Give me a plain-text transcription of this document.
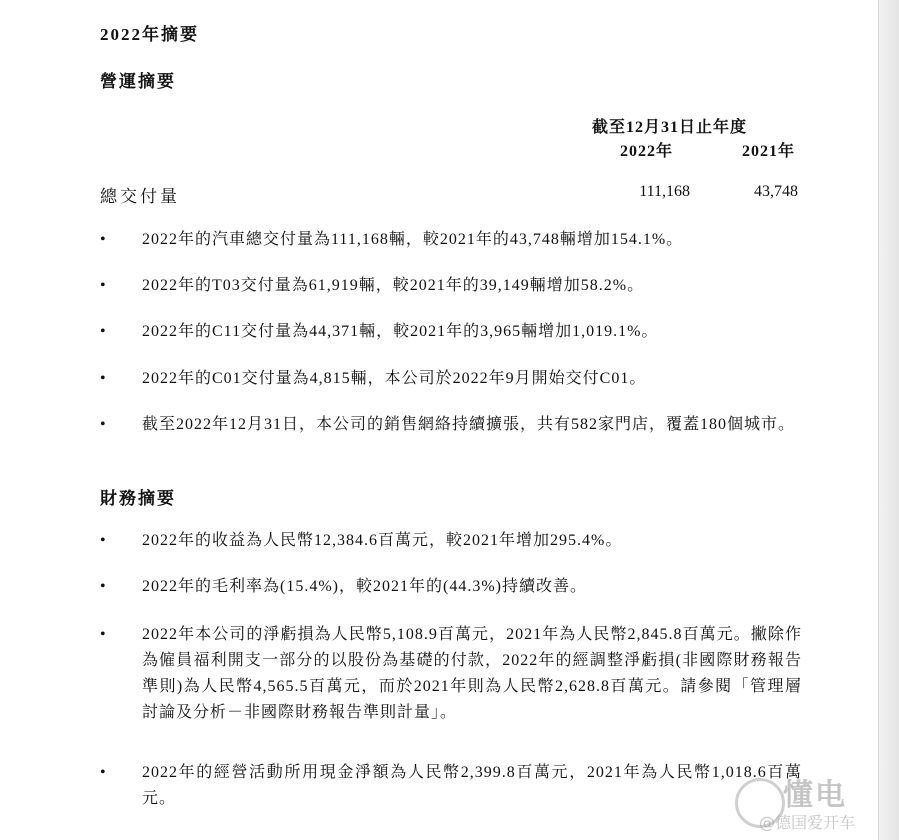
2022年摘要
營運摘要
截至12月31日止年度
2022年	2021年
總交付量	111,168	43,748
• 2022年的汽車總交付量為111,168輛，較2021年的43,748輛增加154.1%。
• 2022年的T03交付量為61,919輛，較2021年的39,149輛增加58.2%。
• 2022年的C11交付量為44,371輛，較2021年的3,965輛增加1,019.1%。
• 2022年的C01交付量為4,815輛，本公司於2022年9月開始交付C01。
• 截至2022年12月31日，本公司的銷售網絡持續擴張，共有582家門店，覆蓋180個城市。
財務摘要
• 2022年的收益為人民幣12,384.6百萬元，較2021年增加295.4%。
• 2022年的毛利率為(15.4%)，較2021年的(44.3%)持續改善。
• 2022年本公司的淨虧損為人民幣5,108.9百萬元，2021年為人民幣2,845.8百萬元。撇除作為僱員福利開支一部分的以股份為基礎的付款，2022年的經調整淨虧損(非國際財務報告準則)為人民幣4,565.5百萬元，而於2021年則為人民幣2,628.8百萬元。請參閱「管理層討論及分析－非國際財務報告準則計量」。
• 2022年的經營活動所用現金淨額為人民幣2,399.8百萬元，2021年為人民幣1,018.6百萬元。	懂电
@德国爱开车
